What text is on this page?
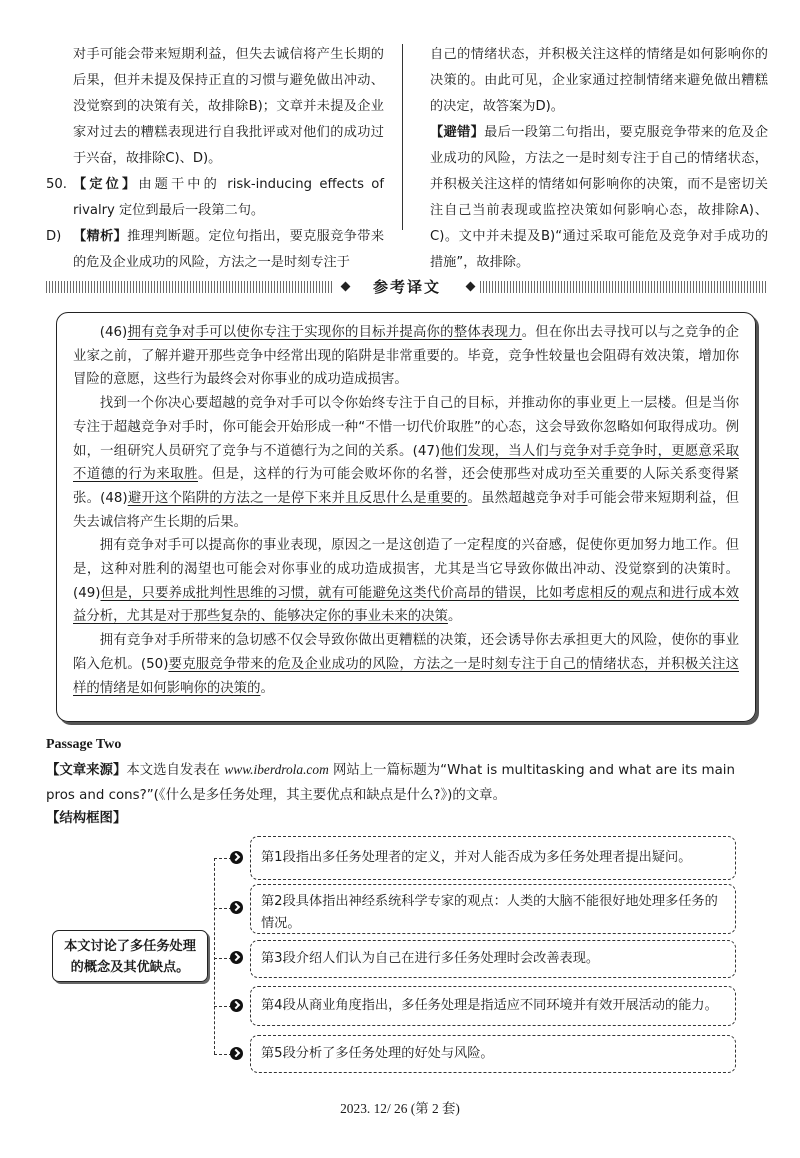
对手可能会带来短期利益，但失去诚信将产生长期的后果，但并未提及保持正直的习惯与避免做出冲动、没觉察到的决策有关，故排除B)；文章并未提及企业家对过去的糟糕表现进行自我批评或对他们的成功过于兴奋，故排除C)、D)。

50. 【定位】由题干中的 risk-inducing effects of rivalry 定位到最后一段第二句。

D) 【精析】推理判断题。定位句指出，要克服竞争带来的危及企业成功的风险，方法之一是时刻专注于

自己的情绪状态，并积极关注这样的情绪是如何影响你的决策的。由此可见，企业家通过控制情绪来避免做出糟糕的决定，故答案为D)。

【避错】最后一段第二句指出，要克服竞争带来的危及企业成功的风险，方法之一是时刻专注于自己的情绪状态，并积极关注这样的情绪如何影响你的决策，而不是密切关注自己当前表现或监控决策如何影响心态，故排除A)、C)。文中并未提及B)“通过采取可能危及竞争对手成功的措施”，故排除。

参考译文

(46)拥有竞争对手可以使你专注于实现你的目标并提高你的整体表现力。但在你出去寻找可以与之竞争的企业家之前，了解并避开那些竞争中经常出现的陷阱是非常重要的。毕竟，竞争性较量也会阻碍有效决策，增加你冒险的意愿，这些行为最终会对你事业的成功造成损害。

找到一个你决心要超越的竞争对手可以令你始终专注于自己的目标，并推动你的事业更上一层楼。但是当你专注于超越竞争对手时，你可能会开始形成一种“不惜一切代价取胜”的心态，这会导致你忽略如何取得成功。例如，一组研究人员研究了竞争与不道德行为之间的关系。(47)他们发现，当人们与竞争对手竞争时，更愿意采取不道德的行为来取胜。但是，这样的行为可能会败坏你的名誉，还会使那些对成功至关重要的人际关系变得紧张。(48)避开这个陷阱的方法之一是停下来并且反思什么是重要的。虽然超越竞争对手可能会带来短期利益，但失去诚信将产生长期的后果。

拥有竞争对手可以提高你的事业表现，原因之一是这创造了一定程度的兴奋感，促使你更加努力地工作。但是，这种对胜利的渴望也可能会对你事业的成功造成损害，尤其是当它导致你做出冲动、没觉察到的决策时。(49)但是，只要养成批判性思维的习惯，就有可能避免这类代价高昂的错误，比如考虑相反的观点和进行成本效益分析，尤其是对于那些复杂的、能够决定你的事业未来的决策。

拥有竞争对手所带来的急切感不仅会导致你做出更糟糕的决策，还会诱导你去承担更大的风险，使你的事业陷入危机。(50)要克服竞争带来的危及企业成功的风险，方法之一是时刻专注于自己的情绪状态，并积极关注这样的情绪是如何影响你的决策的。

Passage Two
【文章来源】本文选自发表在 www.iberdrola.com 网站上一篇标题为“What is multitasking and what are its main pros and cons?”(《什么是多任务处理，其主要优点和缺点是什么?》)的文章。
【结构框图】
本文讨论了多任务处理的概念及其优缺点。
第1段指出多任务处理者的定义，并对人能否成为多任务处理者提出疑问。
第2段具体指出神经系统科学专家的观点：人类的大脑不能很好地处理多任务的情况。
第3段介绍人们认为自己在进行多任务处理时会改善表现。
第4段从商业角度指出，多任务处理是指适应不同环境并有效开展活动的能力。
第5段分析了多任务处理的好处与风险。
2023. 12/ 26 (第 2 套)
